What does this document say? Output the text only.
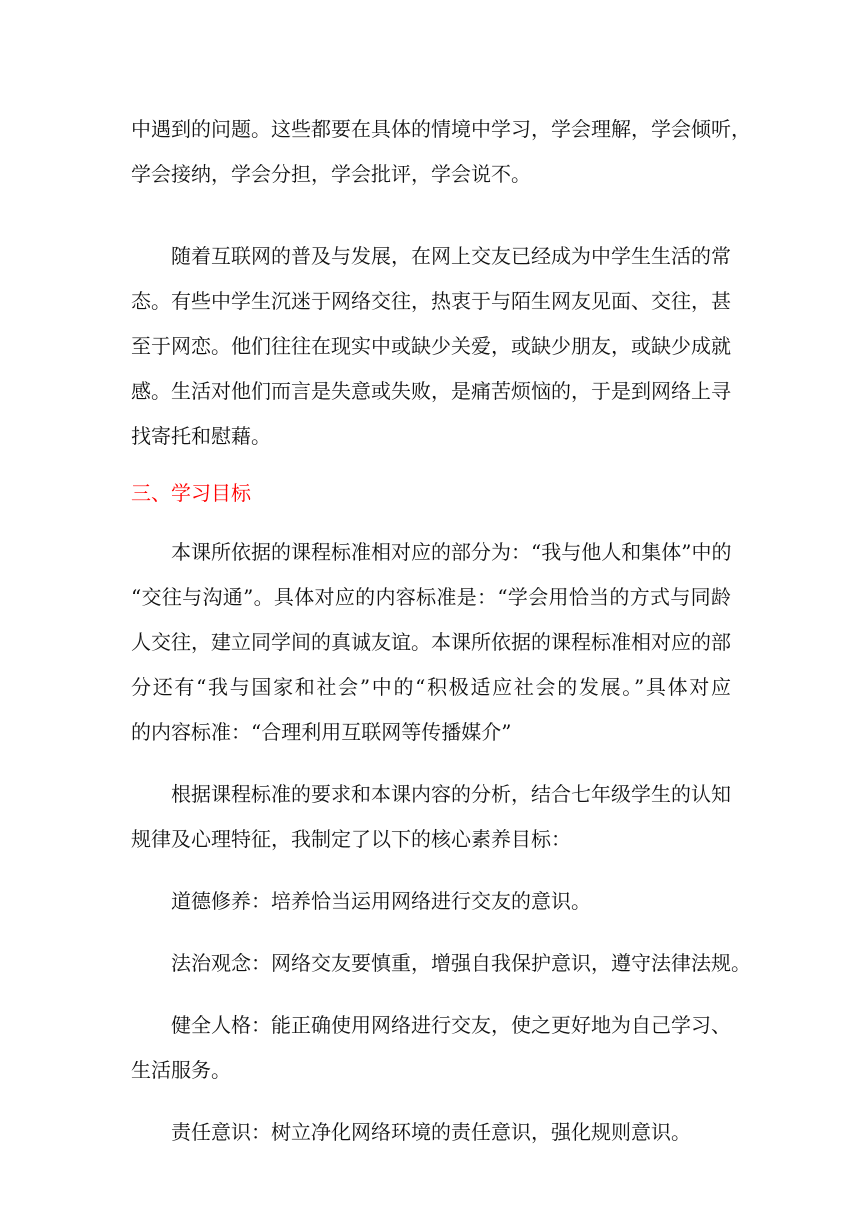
中遇到的问题。这些都要在具体的情境中学习，学会理解，学会倾听，
学会接纳，学会分担，学会批评，学会说不。
随着互联网的普及与发展，在网上交友已经成为中学生生活的常
态。有些中学生沉迷于网络交往，热衷于与陌生网友见面、交往，甚
至于网恋。他们往往在现实中或缺少关爱，或缺少朋友，或缺少成就
感。生活对他们而言是失意或失败，是痛苦烦恼的，于是到网络上寻
找寄托和慰藉。
三、学习目标
本课所依据的课程标准相对应的部分为：“我与他人和集体”中的
“交往与沟通”。具体对应的内容标准是：“学会用恰当的方式与同龄
人交往，建立同学间的真诚友谊。本课所依据的课程标准相对应的部
分还有“我与国家和社会”中的“积极适应社会的发展。”具体对应
的内容标准：“合理利用互联网等传播媒介”
根据课程标准的要求和本课内容的分析，结合七年级学生的认知
规律及心理特征，我制定了以下的核心素养目标：
道德修养：培养恰当运用网络进行交友的意识。
法治观念：网络交友要慎重，增强自我保护意识，遵守法律法规。
健全人格：能正确使用网络进行交友，使之更好地为自己学习、
生活服务。
责任意识：树立净化网络环境的责任意识，强化规则意识。
